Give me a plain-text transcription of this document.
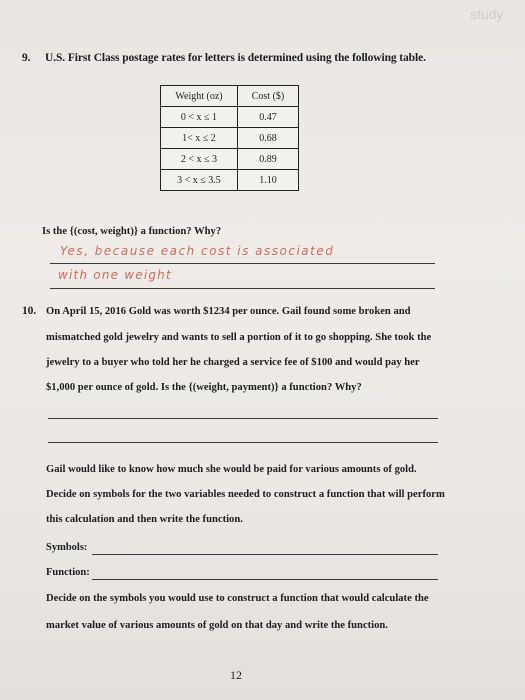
study
9. U.S. First Class postage rates for letters is determined using the following table.
Weight (oz)	Cost ($)
0 < x ≤ 1	0.47
1< x ≤ 2	0.68
2 < x ≤ 3	0.89
3 < x ≤ 3.5	1.10
Is the {(cost, weight)} a function? Why?
Yes, because each cost is associated
with one weight
10. On April 15, 2016 Gold was worth $1234 per ounce. Gail found some broken and
mismatched gold jewelry and wants to sell a portion of it to go shopping. She took the
jewelry to a buyer who told her he charged a service fee of $100 and would pay her
$1,000 per ounce of gold. Is the {(weight, payment)} a function? Why?
Gail would like to know how much she would be paid for various amounts of gold.
Decide on symbols for the two variables needed to construct a function that will perform
this calculation and then write the function.
Symbols:
Function:
Decide on the symbols you would use to construct a function that would calculate the
market value of various amounts of gold on that day and write the function.
12
